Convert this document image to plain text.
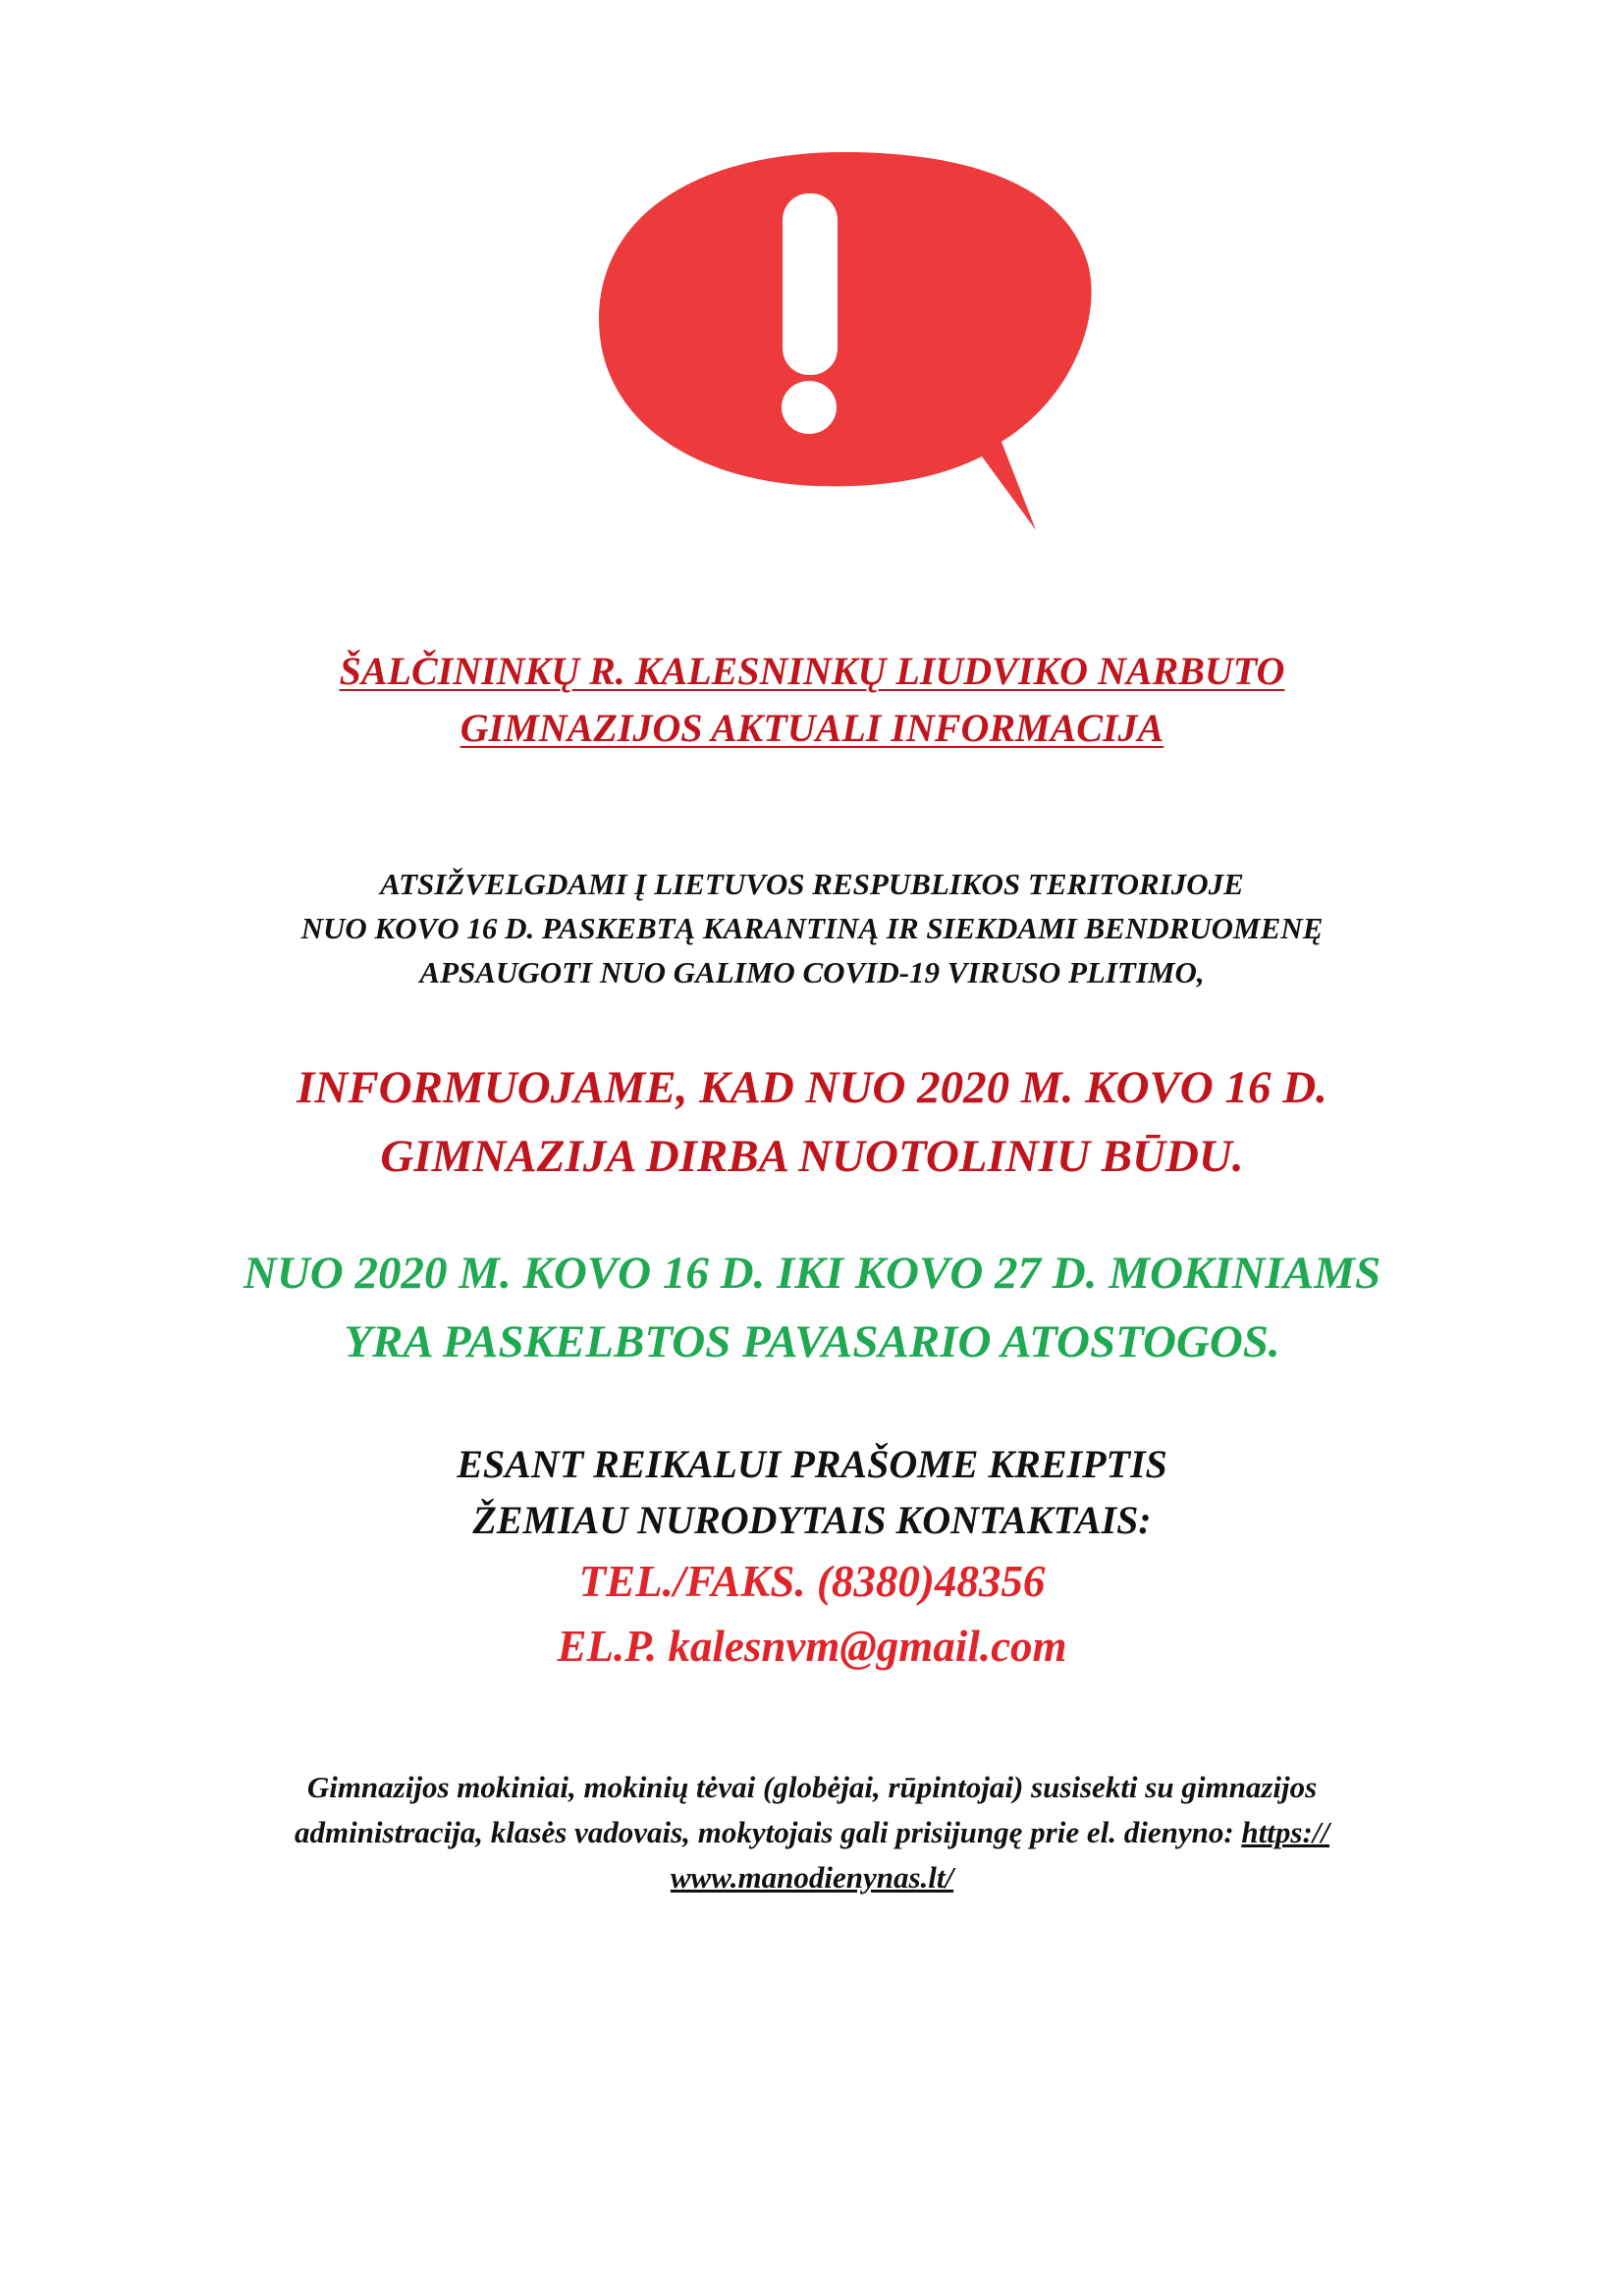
ŠALČININKŲ R. KALESNINKŲ LIUDVIKO NARBUTO
GIMNAZIJOS AKTUALI INFORMACIJA
ATSIŽVELGDAMI Į LIETUVOS RESPUBLIKOS TERITORIJOJE
NUO KOVO 16 D. PASKEBTĄ KARANTINĄ IR SIEKDAMI BENDRUOMENĘ
APSAUGOTI NUO GALIMO COVID-19 VIRUSO PLITIMO,
INFORMUOJAME, KAD NUO 2020 M. KOVO 16 D.
GIMNAZIJA DIRBA NUOTOLINIU BŪDU.
NUO 2020 M. KOVO 16 D. IKI KOVO 27 D. MOKINIAMS
YRA PASKELBTOS PAVASARIO ATOSTOGOS.
ESANT REIKALUI PRAŠOME KREIPTIS
ŽEMIAU NURODYTAIS KONTAKTAIS:
TEL./FAKS. (8380)48356
EL.P. kalesnvm@gmail.com
Gimnazijos mokiniai, mokinių tėvai (globėjai, rūpintojai) susisekti su gimnazijos
administracija, klasės vadovais, mokytojais gali prisijungę prie el. dienyno: https://
www.manodienynas.lt/
